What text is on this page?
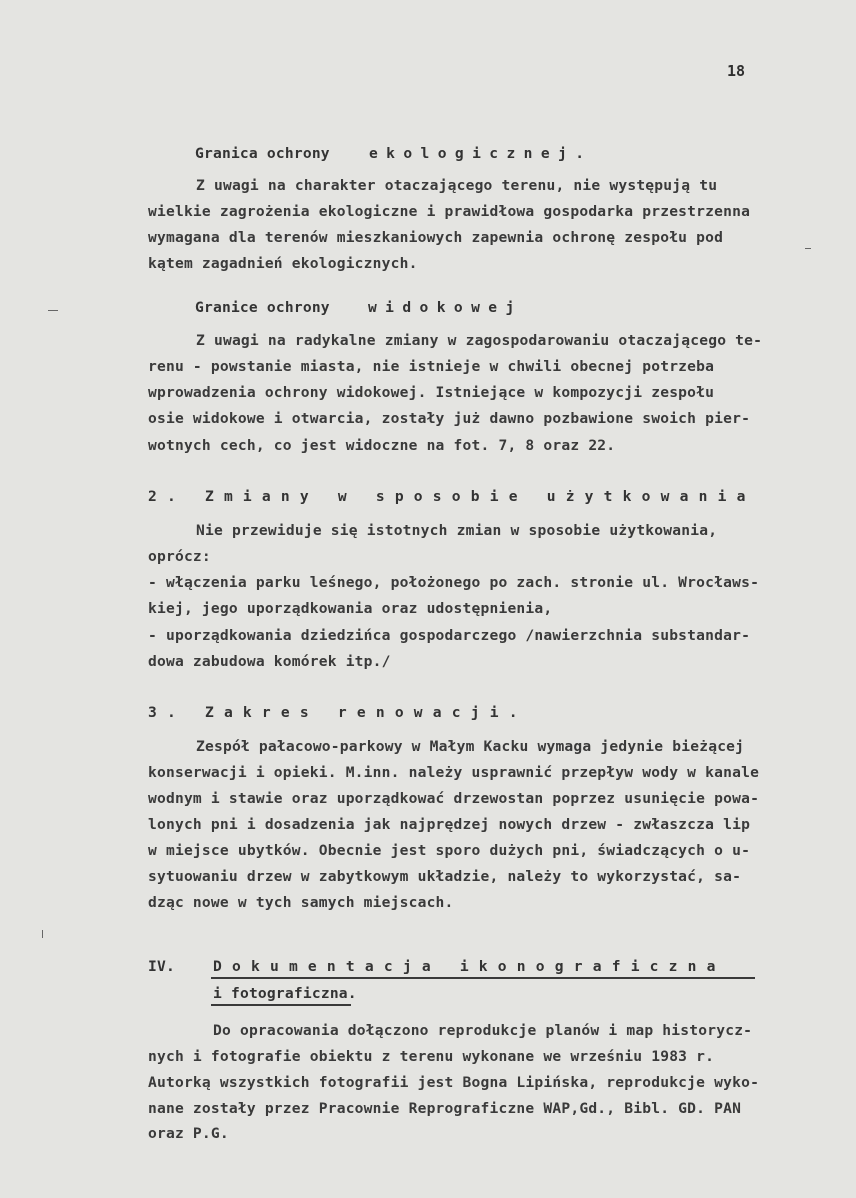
18
Granica ochrony	ekologicznej.
Z uwagi na charakter otaczającego terenu, nie występują tu
wielkie zagrożenia ekologiczne i prawidłowa gospodarka przestrzenna
wymagana dla terenów mieszkaniowych zapewnia ochronę zespołu pod
kątem zagadnień ekologicznych.
Granice ochrony	widokowej
Z uwagi na radykalne zmiany w zagospodarowaniu otaczającego te-
renu - powstanie miasta, nie istnieje w chwili obecnej potrzeba
wprowadzenia ochrony widokowej. Istniejące w kompozycji zespołu
osie widokowe i otwarcia, zostały już dawno pozbawione swoich pier-
wotnych cech, co jest widoczne na fot. 7, 8 oraz 22.
2. Zmiany w sposobie użytkowania
Nie przewiduje się istotnych zmian w sposobie użytkowania,
oprócz:
- włączenia parku leśnego, położonego po zach. stronie ul. Wrocławs-
kiej, jego uporządkowania oraz udostępnienia,
- uporządkowania dziedzińca gospodarczego /nawierzchnia substandar-
dowa zabudowa komórek itp./
3. Zakres renowacji.
Zespół pałacowo-parkowy w Małym Kacku wymaga jedynie bieżącej
konserwacji i opieki. M.inn. należy usprawnić przepływ wody w kanale
wodnym i stawie oraz uporządkować drzewostan poprzez usunięcie powa-
lonych pni i dosadzenia jak najprędzej nowych drzew - zwłaszcza lip
w miejsce ubytków. Obecnie jest sporo dużych pni, świadczących o u-
sytuowaniu drzew w zabytkowym układzie, należy to wykorzystać, sa-
dząc nowe w tych samych miejscach.
IV.	Dokumentacja ikonograficzna
i fotograficzna.
Do opracowania dołączono reprodukcje planów i map historycz-
nych i fotografie obiektu z terenu wykonane we wrześniu 1983 r.
Autorką wszystkich fotografii jest Bogna Lipińska, reprodukcje wyko-
nane zostały przez Pracownie Reprograficzne WAP,Gd., Bibl. GD. PAN
oraz P.G.
